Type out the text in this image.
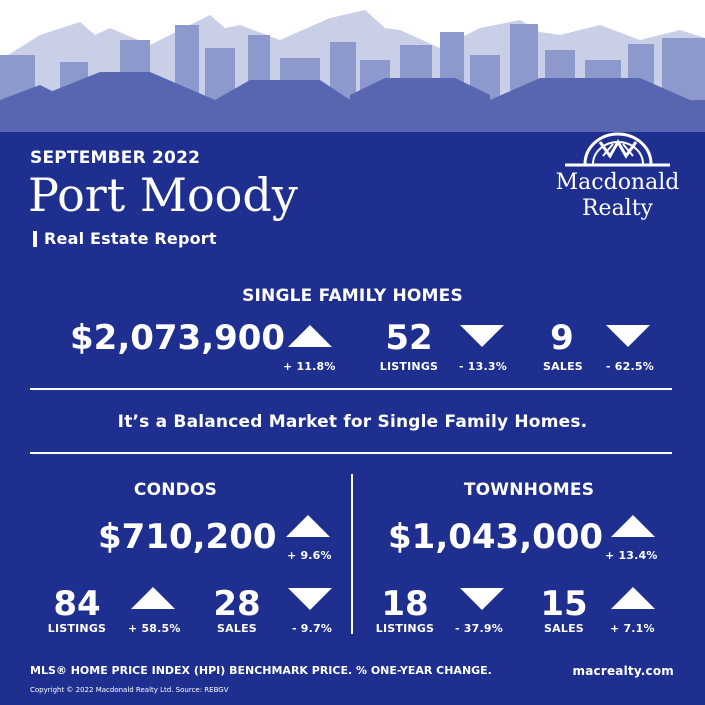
SEPTEMBER 2022
Port Moody
Real Estate Report
Macdonald
Realty
SINGLE FAMILY HOMES
$2,073,900
+ 11.8%
52
LISTINGS - 13.3%
9
SALES	- 62.5%
It’s a Balanced Market for Single Family Homes.
CONDOS
$710,200 + 9.6%
84
LISTINGS + 58.5%
28
SALES	- 9.7%
TOWNHOMES
$1,043,000 + 13.4%
18
LISTINGS - 37.9%
15
SALES	+ 7.1%
MLS® HOME PRICE INDEX (HPI) BENCHMARK PRICE. % ONE-YEAR CHANGE.	macrealty.com
Copyright © 2022 Macdonald Realty Ltd. Source: REBGV
